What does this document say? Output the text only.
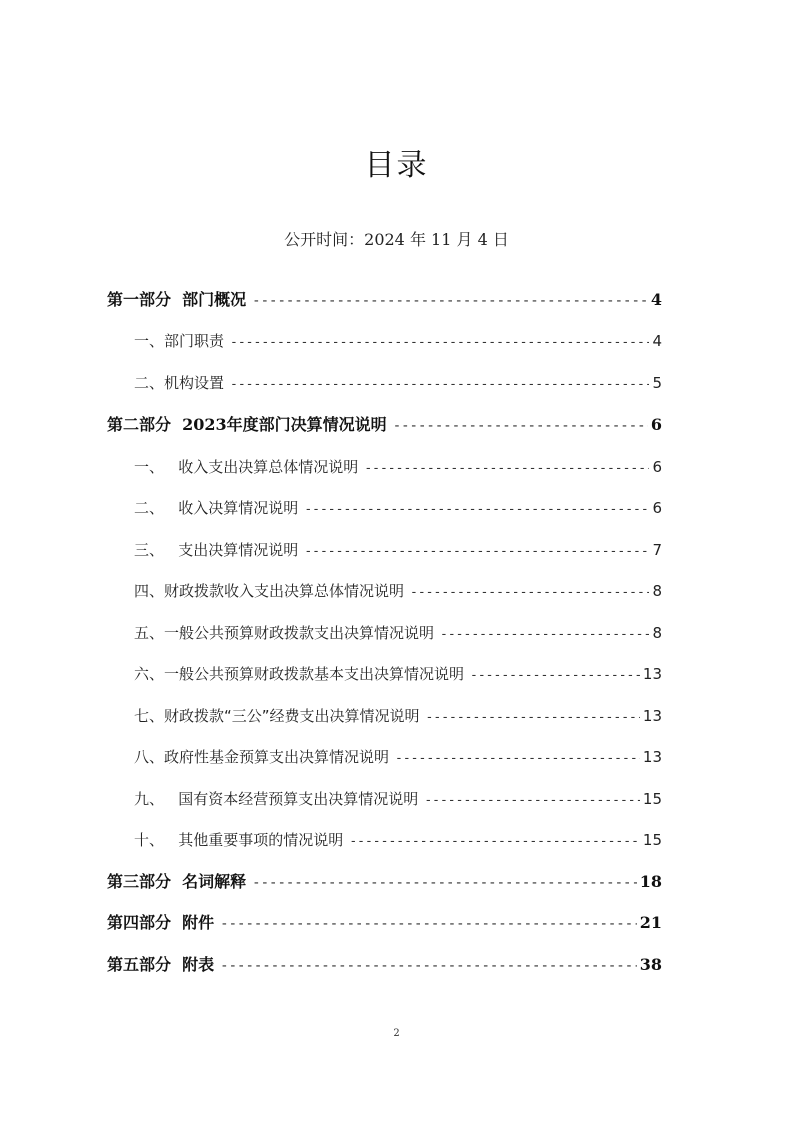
目录
公开时间：2024 年 11 月 4 日
第一部分  部门概况 -----	4
一、部门职责 -----	4
二、机构设置 -----	5
第二部分  2023年度部门决算情况说明 -----	6
一、   收入支出决算总体情况说明 -----	6
二、   收入决算情况说明 -----	6
三、   支出决算情况说明 -----	7
四、财政拨款收入支出决算总体情况说明 -----	8
五、一般公共预算财政拨款支出决算情况说明 -----	8
六、一般公共预算财政拨款基本支出决算情况说明 -----	13
七、财政拨款“三公”经费支出决算情况说明 -----	13
八、政府性基金预算支出决算情况说明 -----	13
九、   国有资本经营预算支出决算情况说明 -----	15
十、   其他重要事项的情况说明 -----	15
第三部分  名词解释 -----	18
第四部分  附件 -----	21
第五部分  附表 -----	38
2
